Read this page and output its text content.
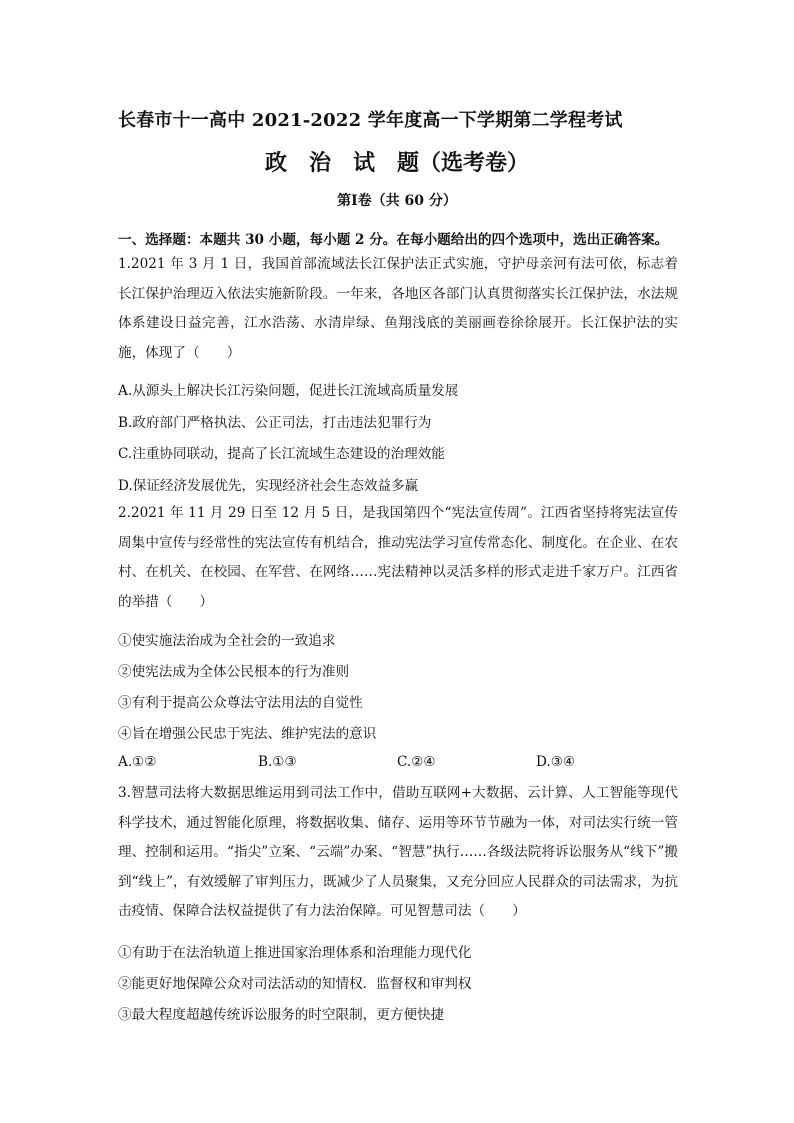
长春市十一高中 2021-2022 学年度高一下学期第二学程考试
政　治　试　题（选考卷）
第Ⅰ卷（共 60 分）
一、选择题：本题共 30 小题，每小题 2 分。在每小题给出的四个选项中，选出正确答案。
1.2021 年 3 月 1 日，我国首部流域法长江保护法正式实施，守护母亲河有法可依，标志着长江保护治理迈入依法实施新阶段。一年来，各地区各部门认真贯彻落实长江保护法，水法规体系建设日益完善，江水浩荡、水清岸绿、鱼翔浅底的美丽画卷徐徐展开。长江保护法的实施，体现了（　　）
A.从源头上解决长江污染问题，促进长江流域高质量发展
B.政府部门严格执法、公正司法，打击违法犯罪行为
C.注重协同联动，提高了长江流域生态建设的治理效能
D.保证经济发展优先，实现经济社会生态效益多赢
2.2021 年 11 月 29 日至 12 月 5 日，是我国第四个“宪法宣传周”。江西省坚持将宪法宣传周集中宣传与经常性的宪法宣传有机结合，推动宪法学习宣传常态化、制度化。在企业、在农村、在机关、在校园、在军营、在网络……宪法精神以灵活多样的形式走进千家万户。江西省的举措（　　）
①使实施法治成为全社会的一致追求
②使宪法成为全体公民根本的行为准则
③有利于提高公众尊法守法用法的自觉性
④旨在增强公民忠于宪法、维护宪法的意识
A.①②	B.①③	C.②④	D.③④
3.智慧司法将大数据思维运用到司法工作中，借助互联网+大数据、云计算、人工智能等现代科学技术，通过智能化原理，将数据收集、储存、运用等环节节融为一体，对司法实行统一管理、控制和运用。“指尖”立案、“云端”办案、“智慧”执行……各级法院将诉讼服务从“线下”搬到“线上”，有效缓解了审判压力，既减少了人员聚集，又充分回应人民群众的司法需求，为抗击疫情、保障合法权益提供了有力法治保障。可见智慧司法（　　）
①有助于在法治轨道上推进国家治理体系和治理能力现代化
②能更好地保障公众对司法活动的知情权．监督权和审判权
③最大程度超越传统诉讼服务的时空限制，更方便快捷
